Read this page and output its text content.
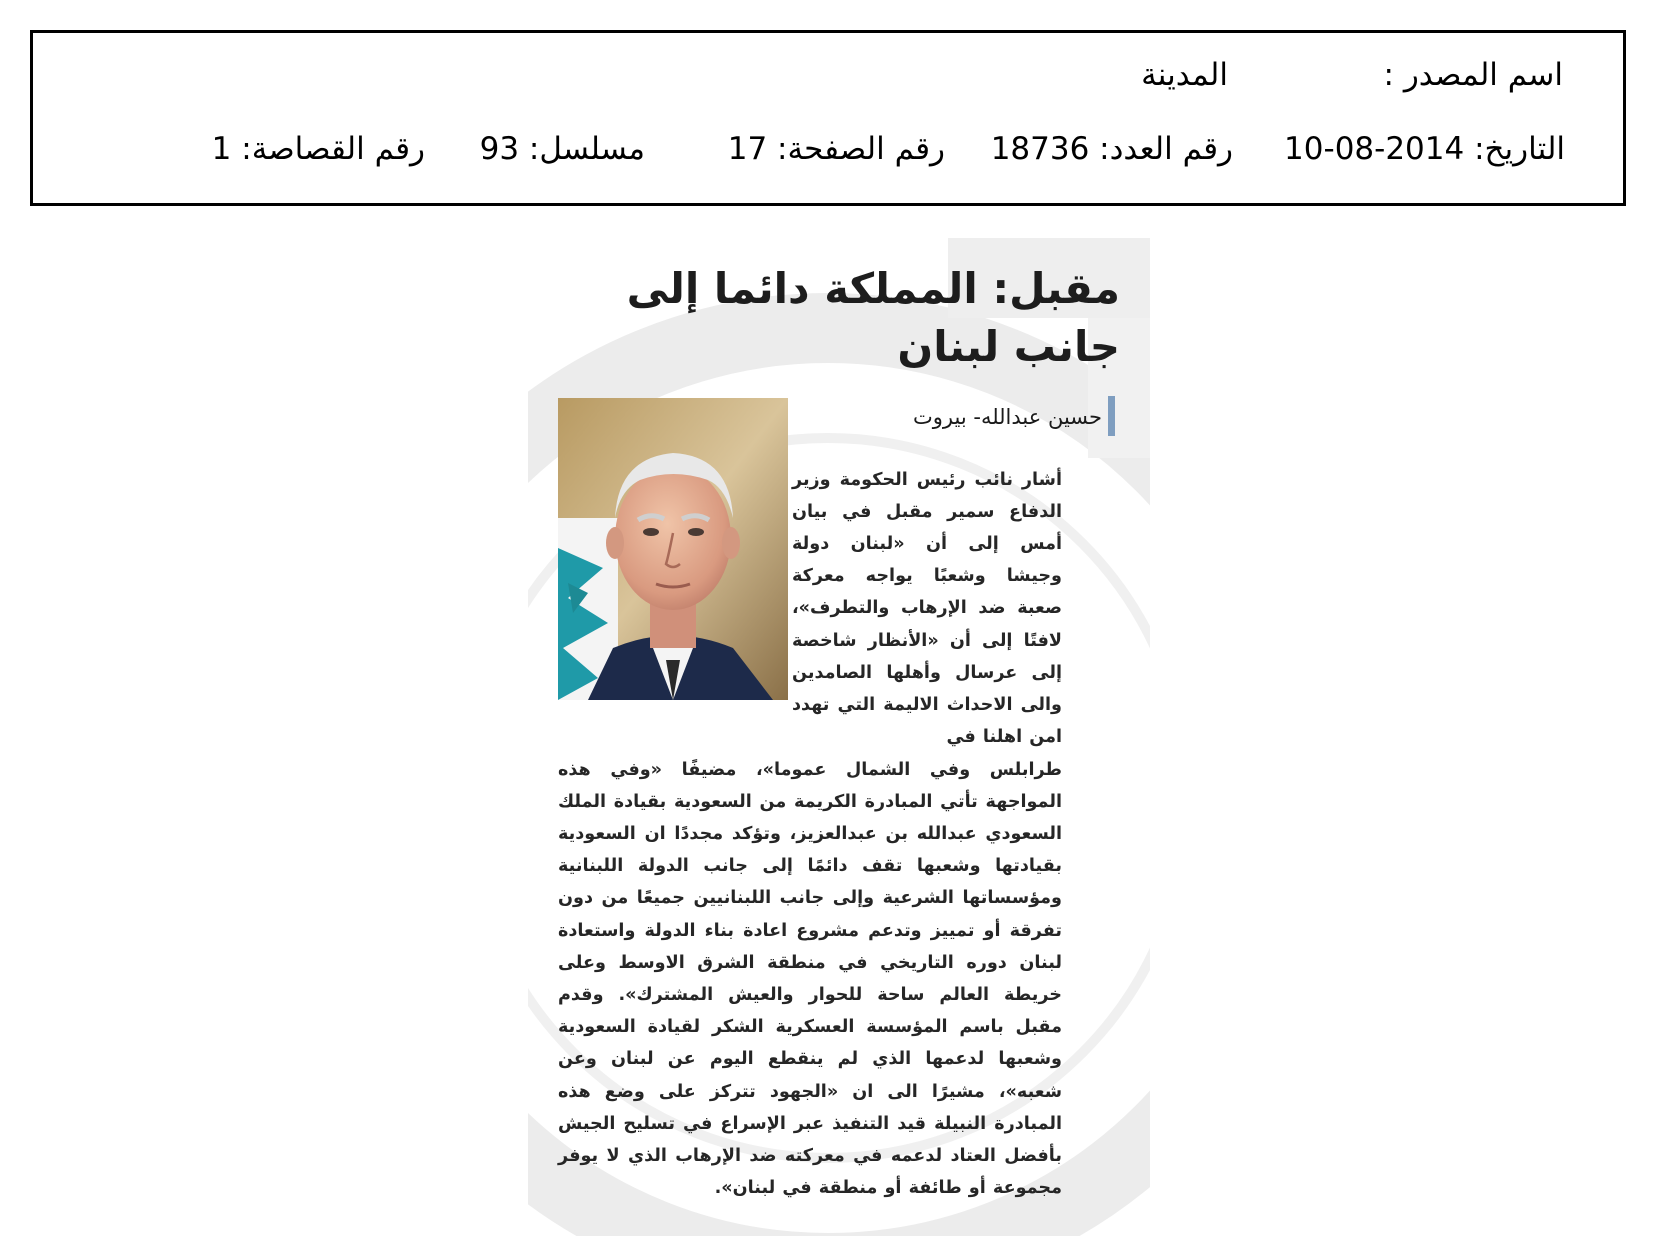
اسم المصدر :
المدينة
التاريخ: 2014-08-10
رقم العدد: 18736
رقم الصفحة: 17
مسلسل: 93
رقم القصاصة: 1
مقبل: المملكة دائما إلى جانب لبنان
حسين عبدالله- بيروت

أشار نائب رئيس الحكومة وزير الدفاع سمير مقبل في بيان أمس إلى أن «لبنان دولة وجيشا وشعبًا يواجه معركة صعبة ضد الإرهاب والتطرف»، لافتًا إلى أن «الأنظار شاخصة إلى عرسال وأهلها الصامدين والى الاحداث الاليمة التي تهدد امن اهلنا في

طرابلس وفي الشمال عموما»، مضيفًا «وفي هذه المواجهة تأتي المبادرة الكريمة من السعودية بقيادة الملك السعودي عبدالله بن عبدالعزيز، وتؤكد مجددًا ان السعودية بقيادتها وشعبها تقف دائمًا إلى جانب الدولة اللبنانية ومؤسساتها الشرعية وإلى جانب اللبنانيين جميعًا من دون تفرقة أو تمييز وتدعم مشروع اعادة بناء الدولة واستعادة لبنان دوره التاريخي في منطقة الشرق الاوسط وعلى خريطة العالم ساحة للحوار والعيش المشترك». وقدم مقبل باسم المؤسسة العسكرية الشكر لقيادة السعودية وشعبها لدعمها الذي لم ينقطع اليوم عن لبنان وعن شعبه»، مشيرًا الى ان «الجهود تتركز على وضع هذه المبادرة النبيلة قيد التنفيذ عبر الإسراع في تسليح الجيش بأفضل العتاد لدعمه في معركته ضد الإرهاب الذي لا يوفر مجموعة أو طائفة أو منطقة في لبنان».
